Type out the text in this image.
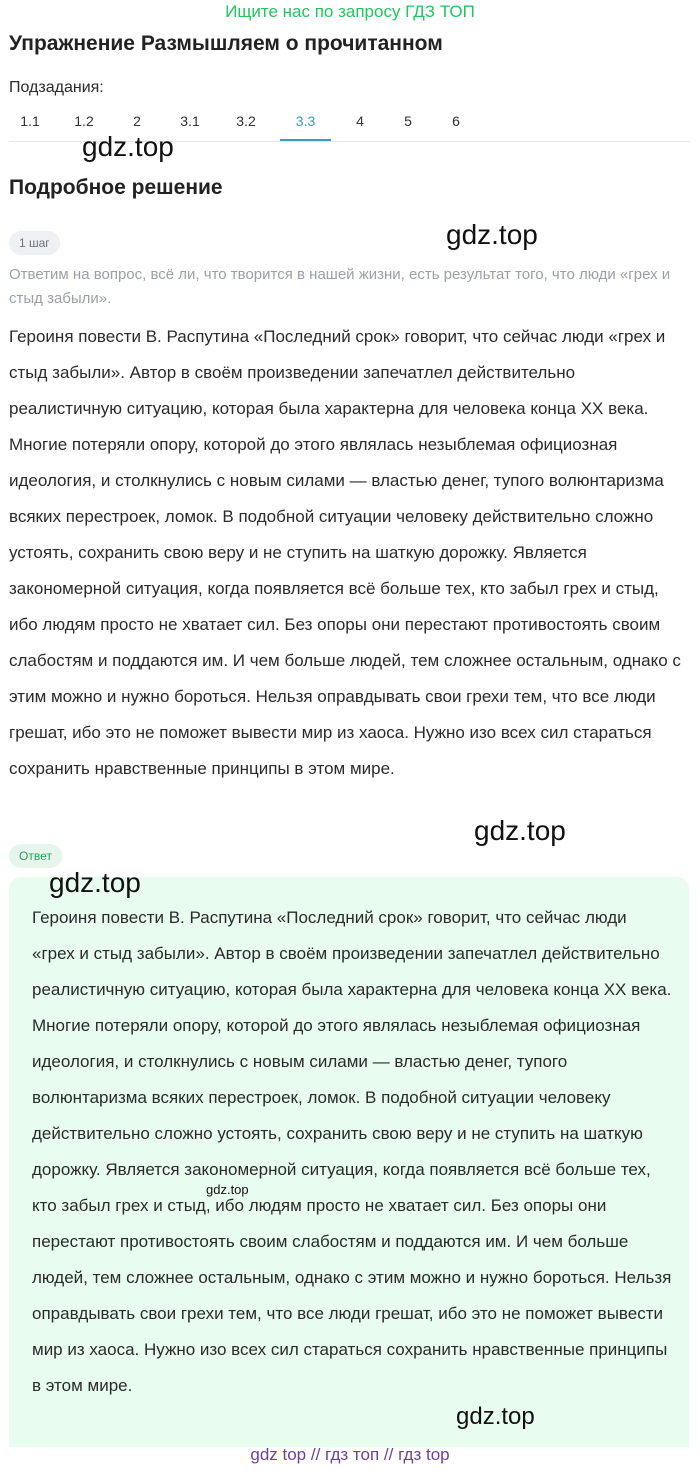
Ищите нас по запросу ГДЗ ТОП
Упражнение Размышляем о прочитанном
Подзадания:
1.1	1.2	2	3.1	3.2	3.3	4	5	6
gdz.top
Подробное решение
1 шаг	gdz.top

Ответим на вопрос, всё ли, что творится в нашей жизни, есть результат того, что люди «грех и стыд забыли».

Героиня повести В. Распутина «Последний срок» говорит, что сейчас люди «грех и стыд забыли». Автор в своём произведении запечатлел действительно реалистичную ситуацию, которая была характерна для человека конца XX века. Многие потеряли опору, которой до этого являлась незыблемая официозная идеология, и столкнулись с новым силами — властью денег, тупого волюнтаризма всяких перестроек, ломок. В подобной ситуации человеку действительно сложно устоять, сохранить свою веру и не ступить на шаткую дорожку. Является закономерной ситуация, когда появляется всё больше тех, кто забыл грех и стыд, ибо людям просто не хватает сил. Без опоры они перестают противостоять своим слабостям и поддаются им. И чем больше людей, тем сложнее остальным, однако с этим можно и нужно бороться. Нельзя оправдывать свои грехи тем, что все люди грешат, ибо это не поможет вывести мир из хаоса. Нужно изо всех сил стараться сохранить нравственные принципы в этом мире.

gdz.top
Ответ
gdz.top

Героиня повести В. Распутина «Последний срок» говорит, что сейчас люди «грех и стыд забыли». Автор в своём произведении запечатлел действительно реалистичную ситуацию, которая была характерна для человека конца XX века. Многие потеряли опору, которой до этого являлась незыблемая официозная идеология, и столкнулись с новым силами — властью денег, тупого волюнтаризма всяких перестроек, ломок. В подобной ситуации человеку действительно сложно устоять, сохранить свою веру и не ступить на шаткую дорожку. Является закономерной ситуация, когда появляется всё больше тех, кто забыл грех и стыд, ибо людям просто не хватает сил. Без опоры они перестают противостоять своим слабостям и поддаются им. И чем больше людей, тем сложнее остальным, однако с этим можно и нужно бороться. Нельзя оправдывать свои грехи тем, что все люди грешат, ибо это не поможет вывести мир из хаоса. Нужно изо всех сил стараться сохранить нравственные принципы в этом мире.

gdz.top
gdz.top
gdz top // гдз топ // гдз top
